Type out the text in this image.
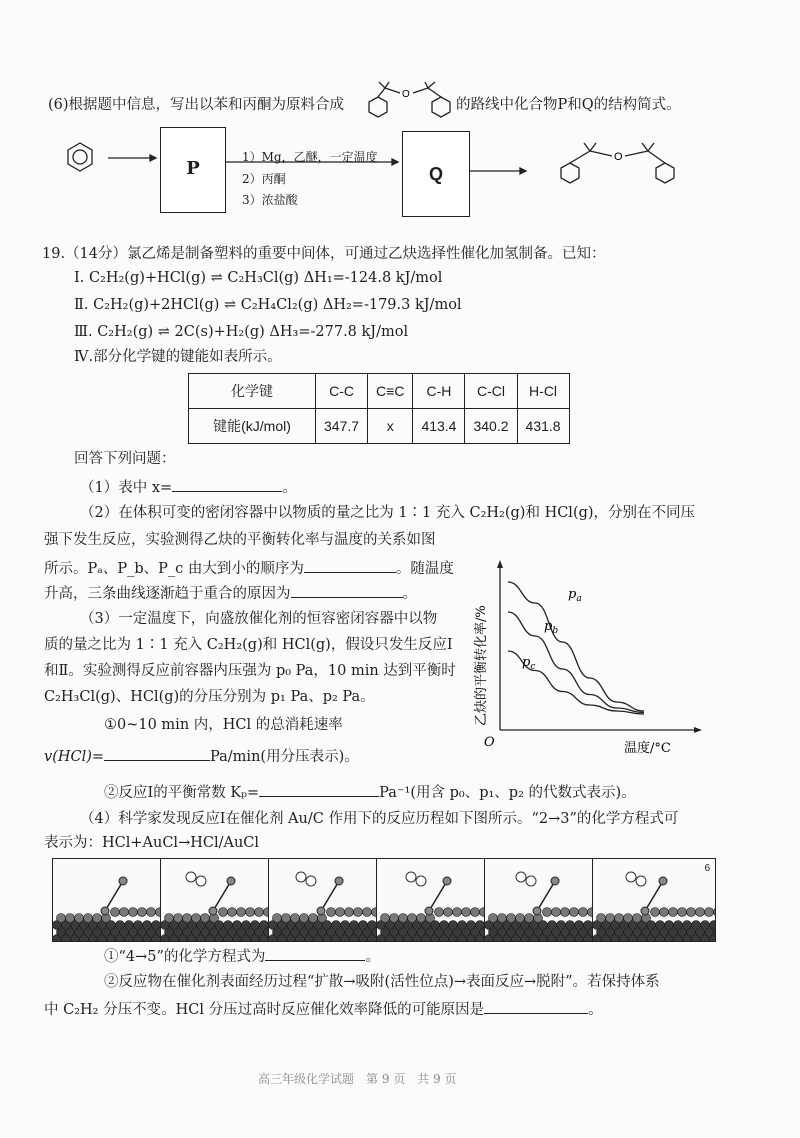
(6)根据题中信息，写出以苯和丙酮为原料合成
O
的路线中化合物P和Q的结构简式。
O
P	Q
1）Mg，乙醚，一定温度
2）丙酮
3）浓盐酸
19.（14分）氯乙烯是制备塑料的重要中间体，可通过乙炔选择性催化加氢制备。已知：
Ⅰ. C₂H₂(g)+HCl(g) ⇌ C₂H₃Cl(g) ΔH₁=-124.8 kJ/mol
Ⅱ. C₂H₂(g)+2HCl(g) ⇌ C₂H₄Cl₂(g) ΔH₂=-179.3 kJ/mol
Ⅲ. C₂H₂(g) ⇌ 2C(s)+H₂(g) ΔH₃=-277.8 kJ/mol
Ⅳ.部分化学键的键能如表所示。
化学键	C-C	C≡C	C-H	C-Cl	H-Cl
键能(kJ/mol)	347.7	x	413.4	340.2	431.8
回答下列问题：
（1）表中 x=	。
（2）在体积可变的密闭容器中以物质的量之比为 1∶1 充入 C₂H₂(g)和 HCl(g)，分别在不同压
强下发生反应，实验测得乙炔的平衡转化率与温度的关系如图
所示。Pₐ、P_b、P_c 由大到小的顺序为	。随温度
升高，三条曲线逐渐趋于重合的原因为	。
（3）一定温度下，向盛放催化剂的恒容密闭容器中以物
质的量之比为 1∶1 充入 C₂H₂(g)和 HCl(g)，假设只发生反应Ⅰ
和Ⅱ。实验测得反应前容器内压强为 p₀ Pa，10 min 达到平衡时
C₂H₃Cl(g)、HCl(g)的分压分别为 p₁ Pa、p₂ Pa。
①0~10 min 内，HCl 的总消耗速率
v(HCl)=	Pa/min(用分压表示)。
②反应Ⅰ的平衡常数 Kₚ=	Pa⁻¹(用含 p₀、p₁、p₂ 的代数式表示)。
（4）科学家发现反应Ⅰ在催化剂 Au/C 作用下的反应历程如下图所示。“2→3”的化学方程式可
表示为：HCl+AuCl→HCl/AuCl
乙炔的平衡转化率/%
O	温度/°C
$p_a$
$p_b$
$p_c$
6
①“4→5”的化学方程式为	。
②反应物在催化剂表面经历过程“扩散→吸附(活性位点)→表面反应→脱附”。若保持体系
中 C₂H₂ 分压不变。HCl 分压过高时反应催化效率降低的可能原因是	。
高三年级化学试题　第 9 页　共 9 页
